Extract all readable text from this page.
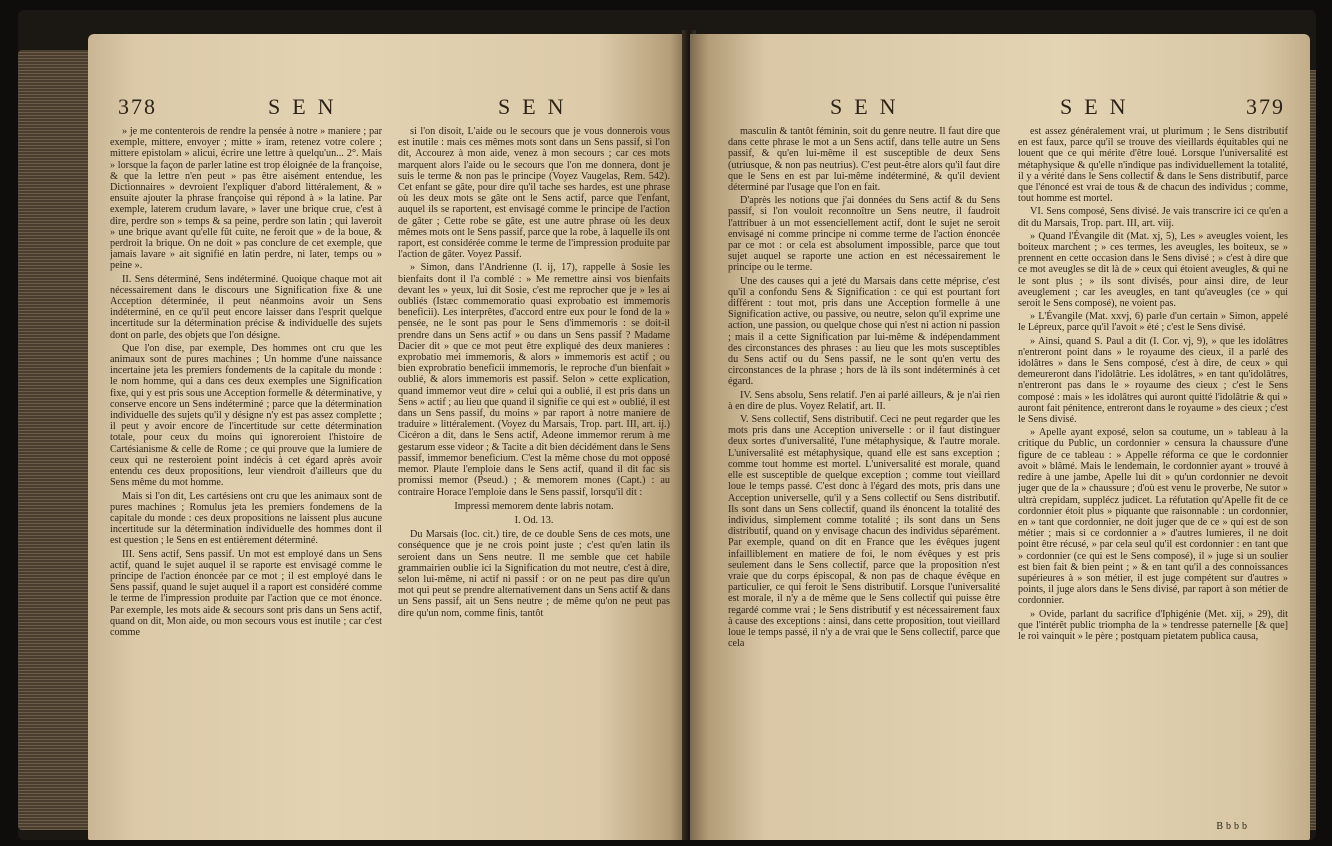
378	SEN	SEN

» je me contenterois de rendre la pensée à notre » maniere ; par exemple, mittere, envoyer ; mitte » iram, retenez votre colere ; mittere epistolam » alicui, écrire une lettre à quelqu'un... 2°. Mais » lorsque la façon de parler latine est trop éloignée de la françoise, & que la lettre n'en peut » pas être aisément entendue, les Dictionnaires » devroient l'expliquer d'abord littéralement, & » ensuite ajouter la phrase françoise qui répond à » la latine. Par exemple, laterem crudum lavare, » laver une brique crue, c'est à dire, perdre son » temps & sa peine, perdre son latin ; qui laveroit » une brique avant qu'elle fût cuite, ne feroit que » de la boue, & perdroit la brique. On ne doit » pas conclure de cet exemple, que jamais lavare » ait signifié en latin perdre, ni later, temps ou » peine ».

II. Sens déterminé, Sens indéterminé. Quoique chaque mot ait nécessairement dans le discours une Signification fixe & une Acception déterminée, il peut néanmoins avoir un Sens indéterminé, en ce qu'il peut encore laisser dans l'esprit quelque incertitude sur la détermination précise & individuelle des sujets dont on parle, des objets que l'on désigne.

Que l'on dise, par exemple, Des hommes ont cru que les animaux sont de pures machines ; Un homme d'une naissance incertaine jeta les premiers fondements de la capitale du monde : le nom homme, qui a dans ces deux exemples une Signification fixe, qui y est pris sous une Acception formelle & déterminative, y conserve encore un Sens indéterminé ; parce que la détermination individuelle des sujets qu'il y désigne n'y est pas assez complette ; il peut y avoir encore de l'incertitude sur cette détermination totale, pour ceux du moins qui ignoreroient l'histoire de Cartésianisme & celle de Rome ; ce qui prouve que la lumiere de ceux qui ne resteroient point indécis à cet égard après avoir entendu ces deux propositions, leur viendroit d'ailleurs que du Sens même du mot homme.

Mais si l'on dit, Les cartésiens ont cru que les animaux sont de pures machines ; Romulus jeta les premiers fondemens de la capitale du monde : ces deux propositions ne laissent plus aucune incertitude sur la détermination individuelle des hommes dont il est question ; le Sens en est entièrement déterminé.

III. Sens actif, Sens passif. Un mot est employé dans un Sens actif, quand le sujet auquel il se raporte est envisagé comme le principe de l'action énoncée par ce mot ; il est employé dans le Sens passif, quand le sujet auquel il a raport est considéré comme le terme de l'impression produite par l'action que ce mot énonce. Par exemple, les mots aide & secours sont pris dans un Sens actif, quand on dit, Mon aide, ou mon secours vous est inutile ; car c'est comme

si l'on disoit, L'aide ou le secours que je vous donnerois vous est inutile : mais ces mêmes mots sont dans un Sens passif, si l'on dit, Accourez à mon aide, venez à mon secours ; car ces mots marquent alors l'aide ou le secours que l'on me donnera, dont je suis le terme & non pas le principe (Voyez Vaugelas, Rem. 542). Cet enfant se gâte, pour dire qu'il tache ses hardes, est une phrase où les deux mots se gâte ont le Sens actif, parce que l'enfant, auquel ils se raportent, est envisagé comme le principe de l'action de gâter ; Cette robe se gâte, est une autre phrase où les deux mêmes mots ont le Sens passif, parce que la robe, à laquelle ils ont raport, est considérée comme le terme de l'impression produite par l'action de gâter. Voyez Passif.

» Simon, dans l'Andrienne (I. ij, 17), rappelle à Sosie les bienfaits dont il l'a comblé : » Me remettre ainsi vos bienfaits devant les » yeux, lui dit Sosie, c'est me reprocher que je » les ai oubliés (Istæc commemoratio quasi exprobatio est immemoris beneficii). Les interprêtes, d'accord entre eux pour le fond de la » pensée, ne le sont pas pour le Sens d'immemoris : se doit-il prendre dans un Sens actif » ou dans un Sens passif ? Madame Dacier dit » que ce mot peut être expliqué des deux manieres : exprobatio mei immemoris, & alors » immemoris est actif ; ou bien exprobratio beneficii immemoris, le reproche d'un bienfait » oublié, & alors immemoris est passif. Selon » cette explication, quand immemor veut dire » celui qui a oublié, il est pris dans un Sens » actif ; au lieu que quand il signifie ce qui est » oublié, il est dans un Sens passif, du moins » par raport à notre maniere de traduire » littéralement. (Voyez du Marsais, Trop. part. III, art. ij.) Cicéron a dit, dans le Sens actif, Adeone immemor rerum à me gestarum esse videor ; & Tacite a dit bien décidément dans le Sens passif, immemor beneficium. C'est la même chose du mot opposé memor. Plaute l'emploie dans le Sens actif, quand il dit fac sis promissi memor (Pseud.) ; & memorem mones (Capt.) : au contraire Horace l'emploie dans le Sens passif, lorsqu'il dit :

Impressi memorem dente labris notam.

I. Od. 13.

Du Marsais (loc. cit.) tire, de ce double Sens de ces mots, une conséquence que je ne crois point juste ; c'est qu'en latin ils seroient dans un Sens neutre. Il me semble que cet habile grammairien oublie ici la Signification du mot neutre, c'est à dire, selon lui-même, ni actif ni passif : or on ne peut pas dire qu'un mot qui peut se prendre alternativement dans un Sens actif & dans un Sens passif, ait un Sens neutre ; de même qu'on ne peut pas dire qu'un nom, comme finis, tantôt

SEN	SEN	379

masculin & tantôt féminin, soit du genre neutre. Il faut dire que dans cette phrase le mot a un Sens actif, dans telle autre un Sens passif, & qu'en lui-même il est susceptible de deux Sens (utriusque, & non pas neutrius). C'est peut-être alors qu'il faut dire que le Sens en est par lui-même indéterminé, & qu'il devient déterminé par l'usage que l'on en fait.

D'après les notions que j'ai données du Sens actif & du Sens passif, si l'on vouloit reconnoître un Sens neutre, il faudroit l'attribuer à un mot essenciellement actif, dont le sujet ne seroit envisagé ni comme principe ni comme terme de l'action énoncée par ce mot : or cela est absolument impossible, parce que tout sujet auquel se raporte une action en est nécessairement le principe ou le terme.

Une des causes qui a jeté du Marsais dans cette méprise, c'est qu'il a confondu Sens & Signification : ce qui est pourtant fort différent : tout mot, pris dans une Acception formelle à une Signification active, ou passive, ou neutre, selon qu'il exprime une action, une passion, ou quelque chose qui n'est ni action ni passion ; mais il a cette Signification par lui-même & indépendamment des circonstances des phrases : au lieu que les mots susceptibles du Sens actif ou du Sens passif, ne le sont qu'en vertu des circonstances de la phrase ; hors de là ils sont indéterminés à cet égard.

IV. Sens absolu, Sens relatif. J'en ai parlé ailleurs, & je n'ai rien à en dire de plus. Voyez Relatif, art. II.

V. Sens collectif, Sens distributif. Ceci ne peut regarder que les mots pris dans une Acception universelle : or il faut distinguer deux sortes d'universalité, l'une métaphysique, & l'autre morale. L'universalité est métaphysique, quand elle est sans exception ; comme tout homme est mortel. L'universalité est morale, quand elle est susceptible de quelque exception ; comme tout vieillard loue le temps passé. C'est donc à l'égard des mots, pris dans une Acception universelle, qu'il y a Sens collectif ou Sens distributif. Ils sont dans un Sens collectif, quand ils énoncent la totalité des individus, simplement comme totalité ; ils sont dans un Sens distributif, quand on y envisage chacun des individus séparément. Par exemple, quand on dit en France que les évêques jugent infailliblement en matiere de foi, le nom évêques y est pris seulement dans le Sens collectif, parce que la proposition n'est vraie que du corps épiscopal, & non pas de chaque évêque en particulier, ce qui feroit le Sens distributif. Lorsque l'universalité est morale, il n'y a de même que le Sens collectif qui puisse être regardé comme vrai ; le Sens distributif y est nécessairement faux à cause des exceptions : ainsi, dans cette proposition, tout vieillard loue le temps passé, il n'y a de vrai que le Sens collectif, parce que cela

est assez généralement vrai, ut plurimum ; le Sens distributif en est faux, parce qu'il se trouve des vieillards équitables qui ne louent que ce qui mérite d'être loué. Lorsque l'universalité est métaphysique & qu'elle n'indique pas individuellement la totalité, il y a vérité dans le Sens collectif & dans le Sens distributif, parce que l'énoncé est vrai de tous & de chacun des individus ; comme, tout homme est mortel.

VI. Sens composé, Sens divisé. Je vais transcrire ici ce qu'en a dit du Marsais, Trop. part. III, art. viij.

» Quand l'Évangile dit (Mat. xj, 5), Les » aveugles voient, les boiteux marchent ; » ces termes, les aveugles, les boiteux, se » prennent en cette occasion dans le Sens divisé ; » c'est à dire que ce mot aveugles se dit là de » ceux qui étoient aveugles, & qui ne le sont plus ; » ils sont divisés, pour ainsi dire, de leur aveuglement ; car les aveugles, en tant qu'aveugles (ce » qui seroit le Sens composé), ne voient pas.

» L'Évangile (Mat. xxvj, 6) parle d'un certain » Simon, appelé le Lépreux, parce qu'il l'avoit » été ; c'est le Sens divisé.

» Ainsi, quand S. Paul a dit (I. Cor. vj, 9), » que les idolâtres n'entreront point dans » le royaume des cieux, il a parlé des idolâtres » dans le Sens composé, c'est à dire, de ceux » qui demeureront dans l'idolâtrie. Les idolâtres, » en tant qu'idolâtres, n'entreront pas dans le » royaume des cieux ; c'est le Sens composé : mais » les idolâtres qui auront quitté l'idolâtrie & qui » auront fait pénitence, entreront dans le royaume » des cieux ; c'est le Sens divisé.

» Apelle ayant exposé, selon sa coutume, un » tableau à la critique du Public, un cordonnier » censura la chaussure d'une figure de ce tableau : » Appelle réforma ce que le cordonnier avoit » blâmé. Mais le lendemain, le cordonnier ayant » trouvé à redire à une jambe, Apelle lui dit » qu'un cordonnier ne devoit juger que de la » chaussure ; d'où est venu le proverbe, Ne sutor » ultrà crepidam, supplécz judicet. La réfutation qu'Apelle fit de ce cordonnier étoit plus » piquante que raisonnable : un cordonnier, en » tant que cordonnier, ne doit juger que de ce » qui est de son métier ; mais si ce cordonnier a » d'autres lumieres, il ne doit point être récusé, » par cela seul qu'il est cordonnier : en tant que » cordonnier (ce qui est le Sens composé), il » juge si un soulier est bien fait & bien peint ; » & en tant qu'il a des connoissances supérieures à » son métier, il est juge compétent sur d'autres » points, il juge alors dans le Sens divisé, par raport à son métier de cordonnier.

» Ovide, parlant du sacrifice d'Iphigénie (Met. xij, » 29), dit que l'intérêt public triompha de la » tendresse paternelle [& que] le roi vainquit » le père ; postquam pietatem publica causa,

Bbbb
